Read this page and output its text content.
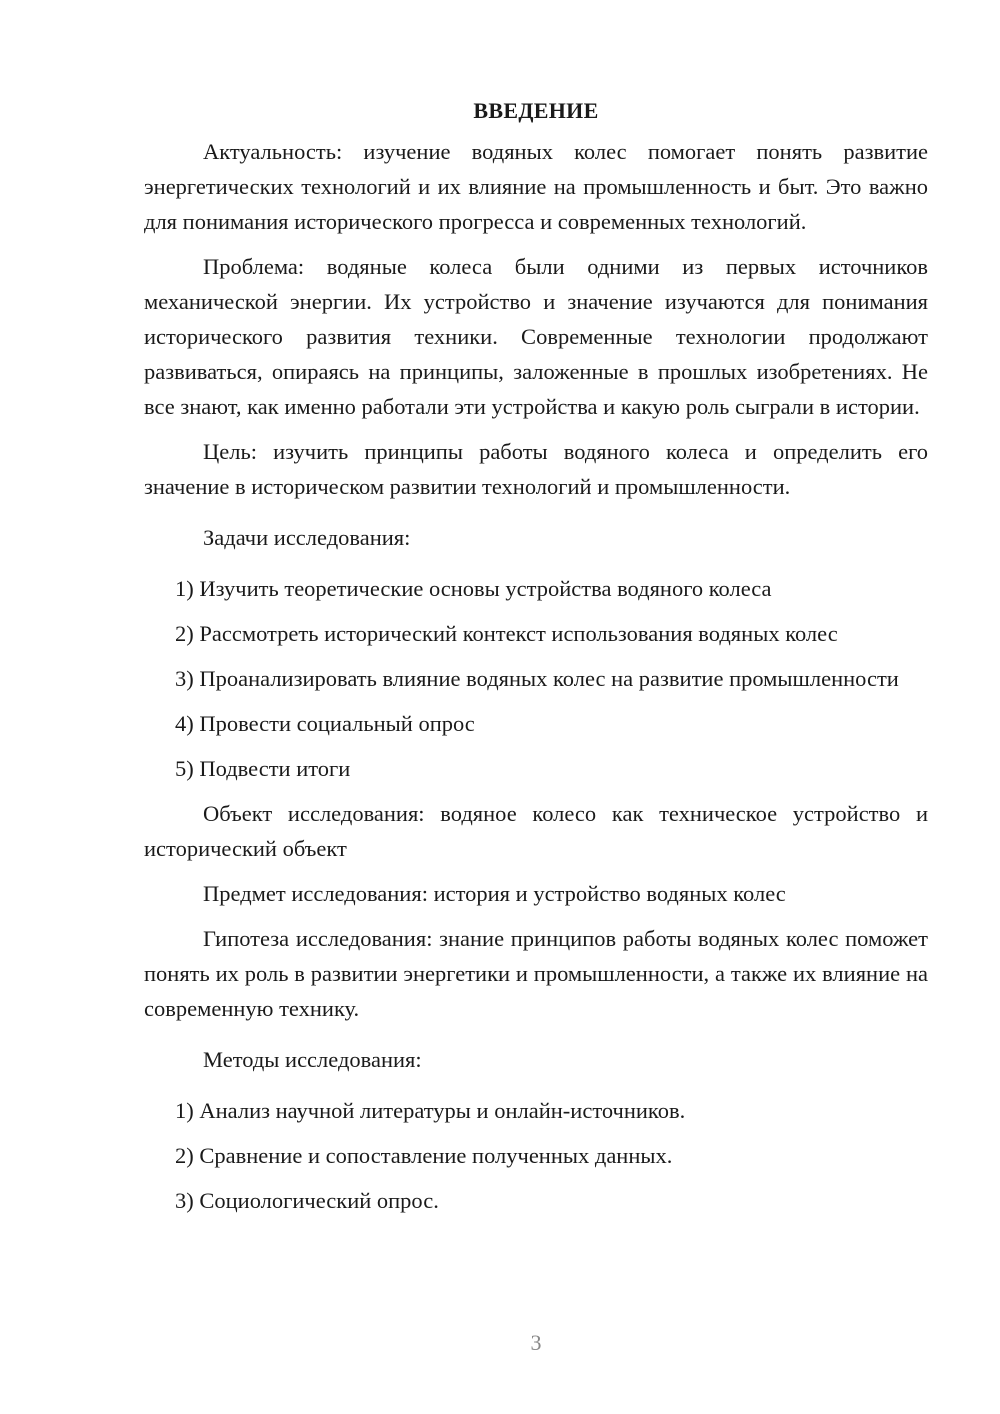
ВВЕДЕНИЕ

Актуальность: изучение водяных колес помогает понять развитие энергетических технологий и их влияние на промышленность и быт. Это важно для понимания исторического прогресса и современных технологий.

Проблема: водяные колеса были одними из первых источников механической энергии. Их устройство и значение изучаются для понимания исторического развития техники. Современные технологии продолжают развиваться, опираясь на принципы, заложенные в прошлых изобретениях. Не все знают, как именно работали эти устройства и какую роль сыграли в истории.

Цель: изучить принципы работы водяного колеса и определить его значение в историческом развитии технологий и промышленности.

Задачи исследования:

1) Изучить теоретические основы устройства водяного колеса

2) Рассмотреть исторический контекст использования водяных колес

3) Проанализировать влияние водяных колес на развитие промышленности

4) Провести социальный опрос

5) Подвести итоги

Объект исследования: водяное колесо как техническое устройство и исторический объект

Предмет исследования: история и устройство водяных колес

Гипотеза исследования: знание принципов работы водяных колес поможет понять их роль в развитии энергетики и промышленности, а также их влияние на современную технику.

Методы исследования:

1) Анализ научной литературы и онлайн-источников.

2) Сравнение и сопоставление полученных данных.

3) Социологический опрос.

3
